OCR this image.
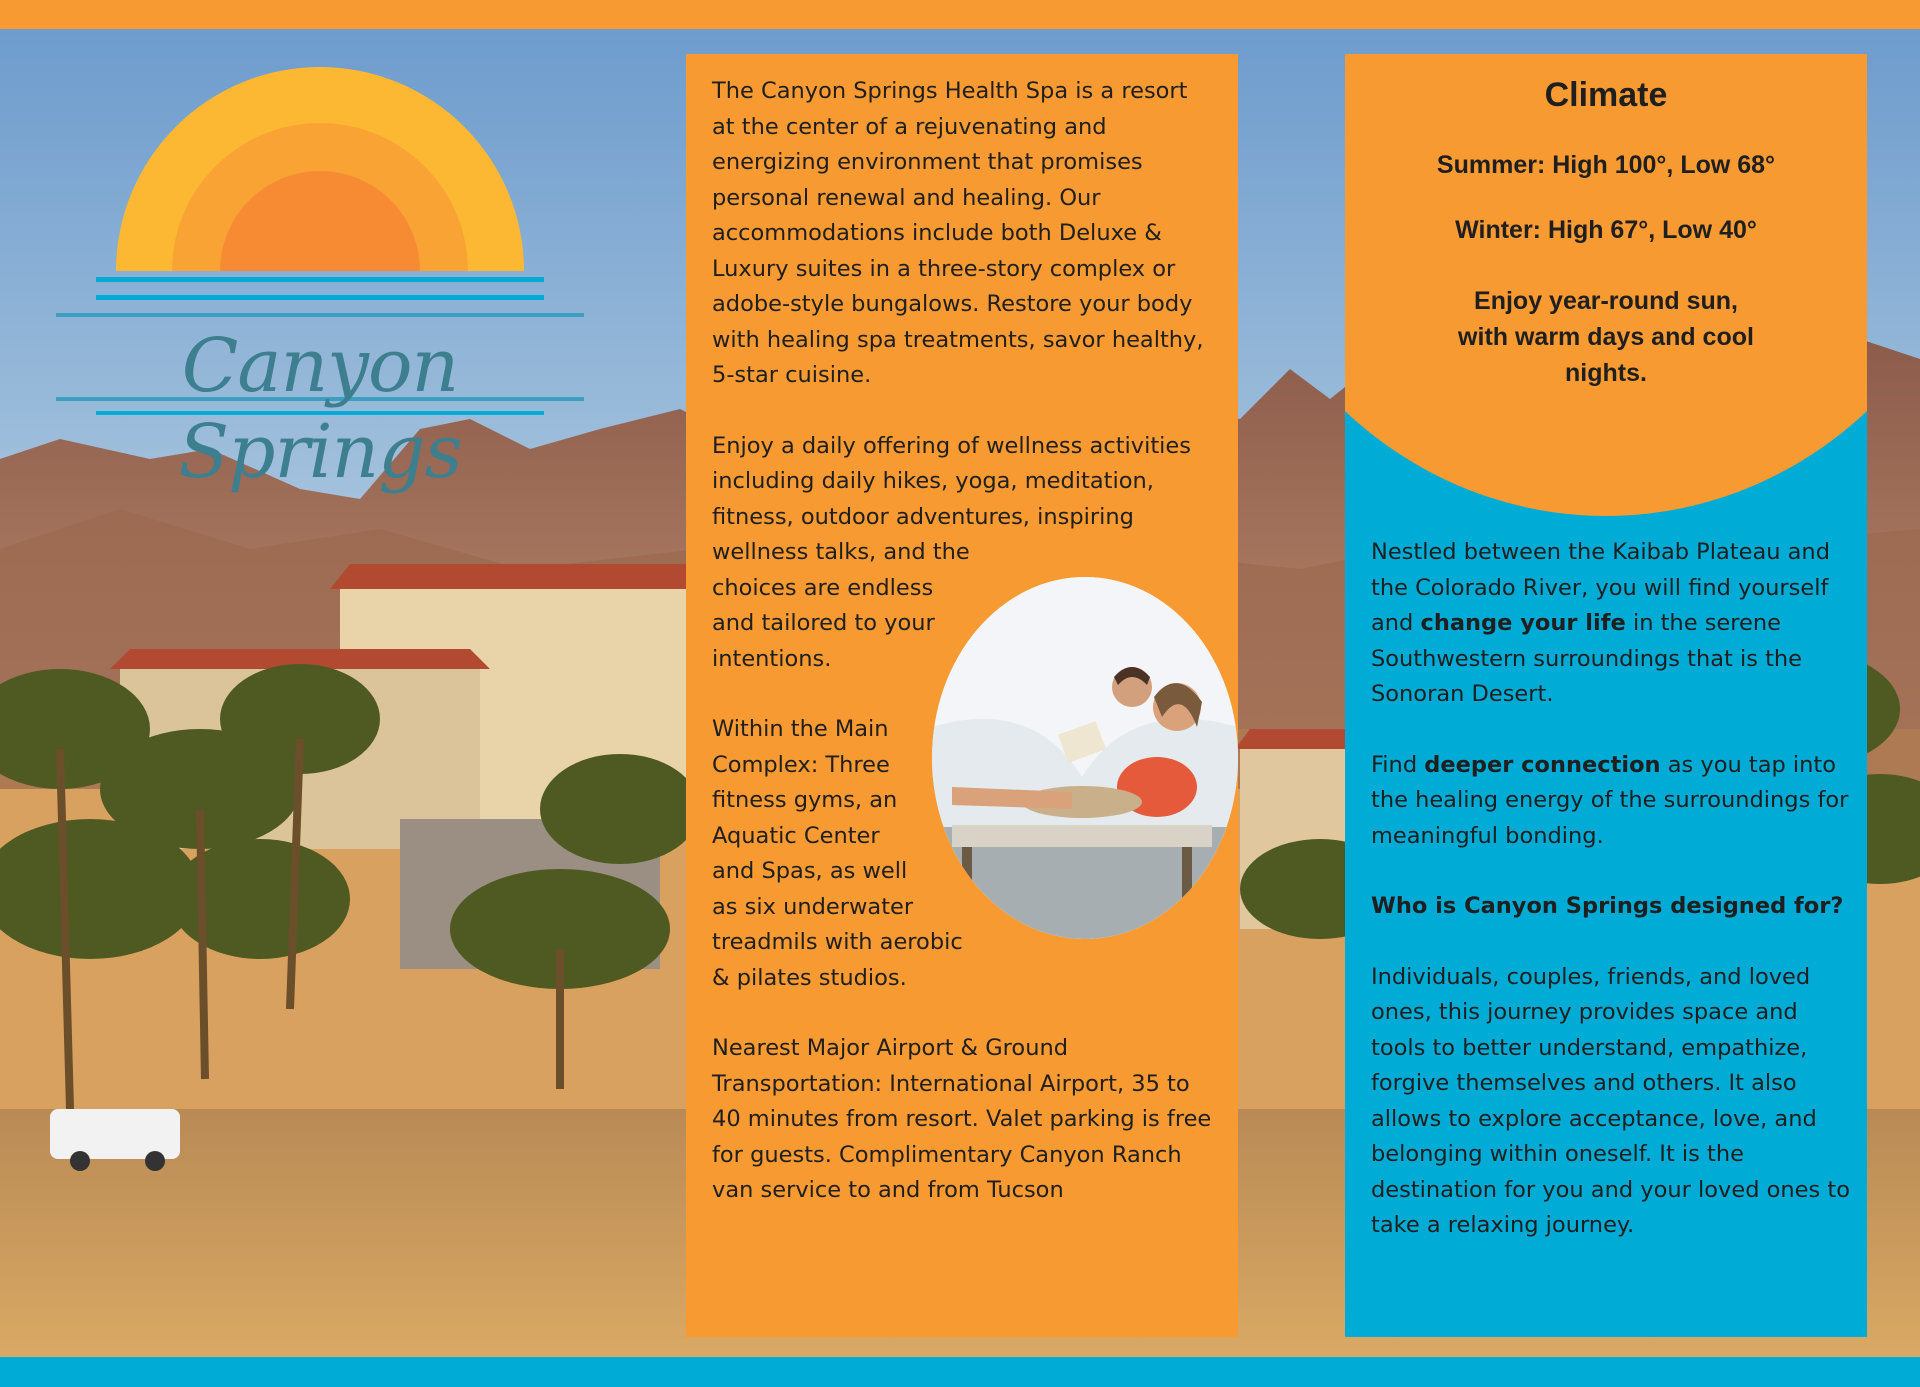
Canyon Springs

The Canyon Springs Health Spa is a resort at the center of a rejuvenating and energizing environment that promises personal renewal and healing. Our accommodations include both Deluxe & Luxury suites in a three-story complex or adobe-style bungalows. Restore your body with healing spa treatments, savor healthy, 5-star cuisine.

Enjoy a daily offering of wellness activities
including daily hikes, yoga, meditation,
fitness, outdoor adventures, inspiring
wellness talks, and the
choices are endless
and tailored to your
intentions.

Within the Main
Complex: Three
fitness gyms, an
Aquatic Center
and Spas, as well
as six underwater
treadmils with aerobic
& pilates studios.

Nearest Major Airport & Ground Transportation: International Airport, 35 to 40 minutes from resort. Valet parking is free for guests. Complimentary Canyon Ranch van service to and from Tucson

Climate
Summer: High 100°, Low 68°
Winter: High 67°, Low 40°
Enjoy year-round sun, with warm days and cool nights.

Nestled between the Kaibab Plateau and the Colorado River, you will find yourself and change your life in the serene Southwestern surroundings that is the Sonoran Desert.

Find deeper connection as you tap into the healing energy of the surroundings for meaningful bonding.

Who is Canyon Springs designed for?

Individuals, couples, friends, and loved ones, this journey provides space and tools to better understand, empathize, forgive themselves and others. It also allows to explore acceptance, love, and belonging within oneself. It is the destination for you and your loved ones to take a relaxing journey.
